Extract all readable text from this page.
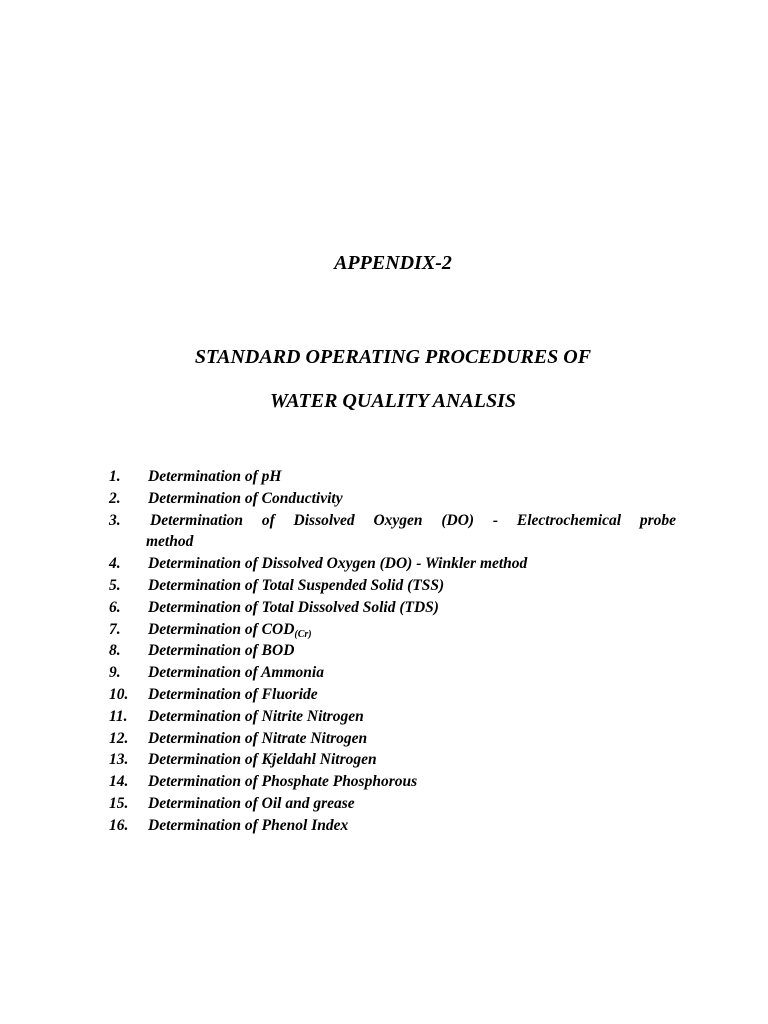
APPENDIX-2
STANDARD OPERATING PROCEDURES OF
WATER QUALITY ANALSIS
1.	Determination of pH
2.	Determination of Conductivity
3.	Determination of Dissolved Oxygen (DO) - Electrochemical probe
method
4.	Determination of Dissolved Oxygen (DO) - Winkler method
5.	Determination of Total Suspended Solid (TSS)
6.	Determination of Total Dissolved Solid (TDS)
7.	Determination of $COD_{(Cr)}$
8.	Determination of BOD
9.	Determination of Ammonia
10.	Determination of Fluoride
11.	Determination of Nitrite Nitrogen
12.	Determination of Nitrate Nitrogen
13.	Determination of Kjeldahl Nitrogen
14.	Determination of Phosphate Phosphorous
15.	Determination of Oil and grease
16.	Determination of Phenol Index
